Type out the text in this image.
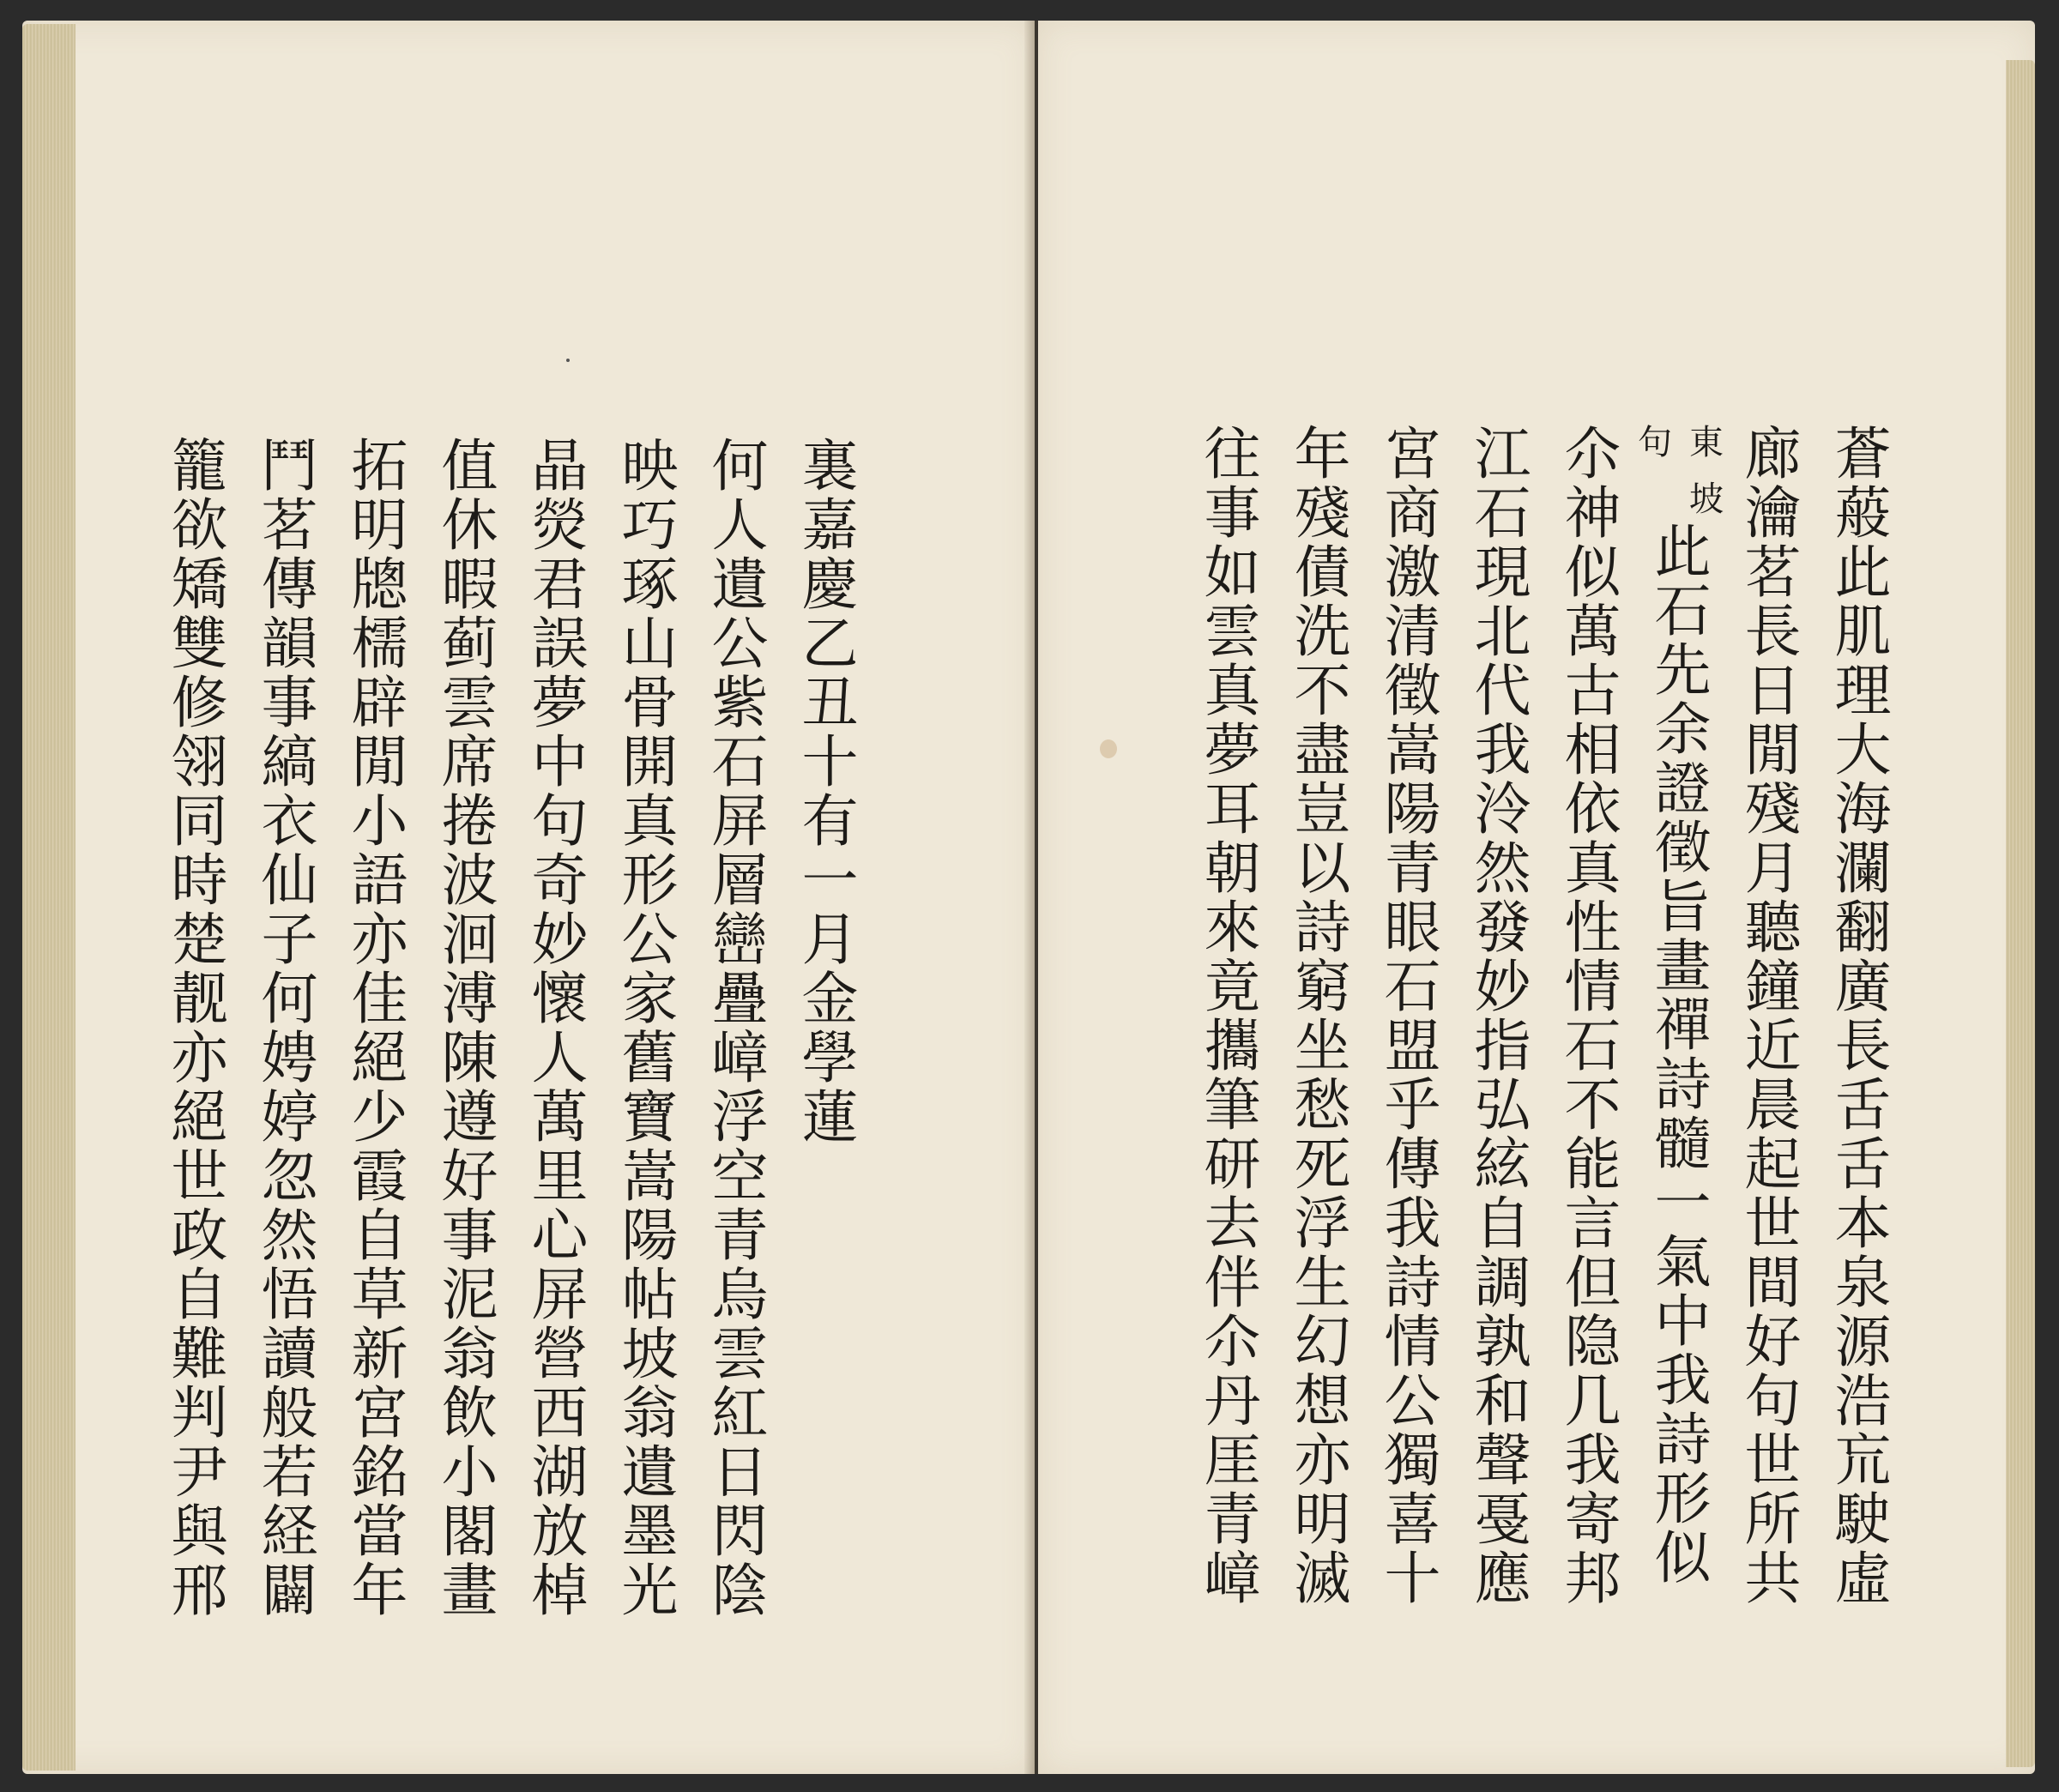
裏嘉慶乙丑十有一月金學蓮
何人遺公紫石屏層巒疊嶂浮空青烏雲紅日閃陰
映巧琢山骨開真形公家舊寶嵩陽帖坡翁遺墨光
晶熒君誤夢中句奇妙懷人萬里心屏營西湖放棹
值休暇蓟雲席捲波洄溥陳遵好事泥翁飲小閣畫
拓明牕檽辟閒小語亦佳絕少霞自草新宮銘當年
鬥茗傳韻事縞衣仙子何娉婷忽然悟讀般若経闢
籠欲矯雙修翎同時楚靓亦絕世政自難判尹與邢	蒼蒰此肌理大海瀾翻廣長舌舌本泉源浩巟駛虛
廊瀹茗長日閒殘月聽鐘近晨起世間好句世所共
東坡
句
此石先余證徵旨畫禪詩髓一氣中我詩形似
尒神似萬古相依真性情石不能言但隐几我寄邦
江石現北代我泠然發妙指弘絃自調孰和聲戞應
宮商激清徵嵩陽青眼石盟乎傳我詩情公獨喜十
年殘債洗不盡豈以詩窮坐愁死浮生幻想亦明滅
往事如雲真夢耳朝來竟攜筆研去伴尒丹厓青嶂
